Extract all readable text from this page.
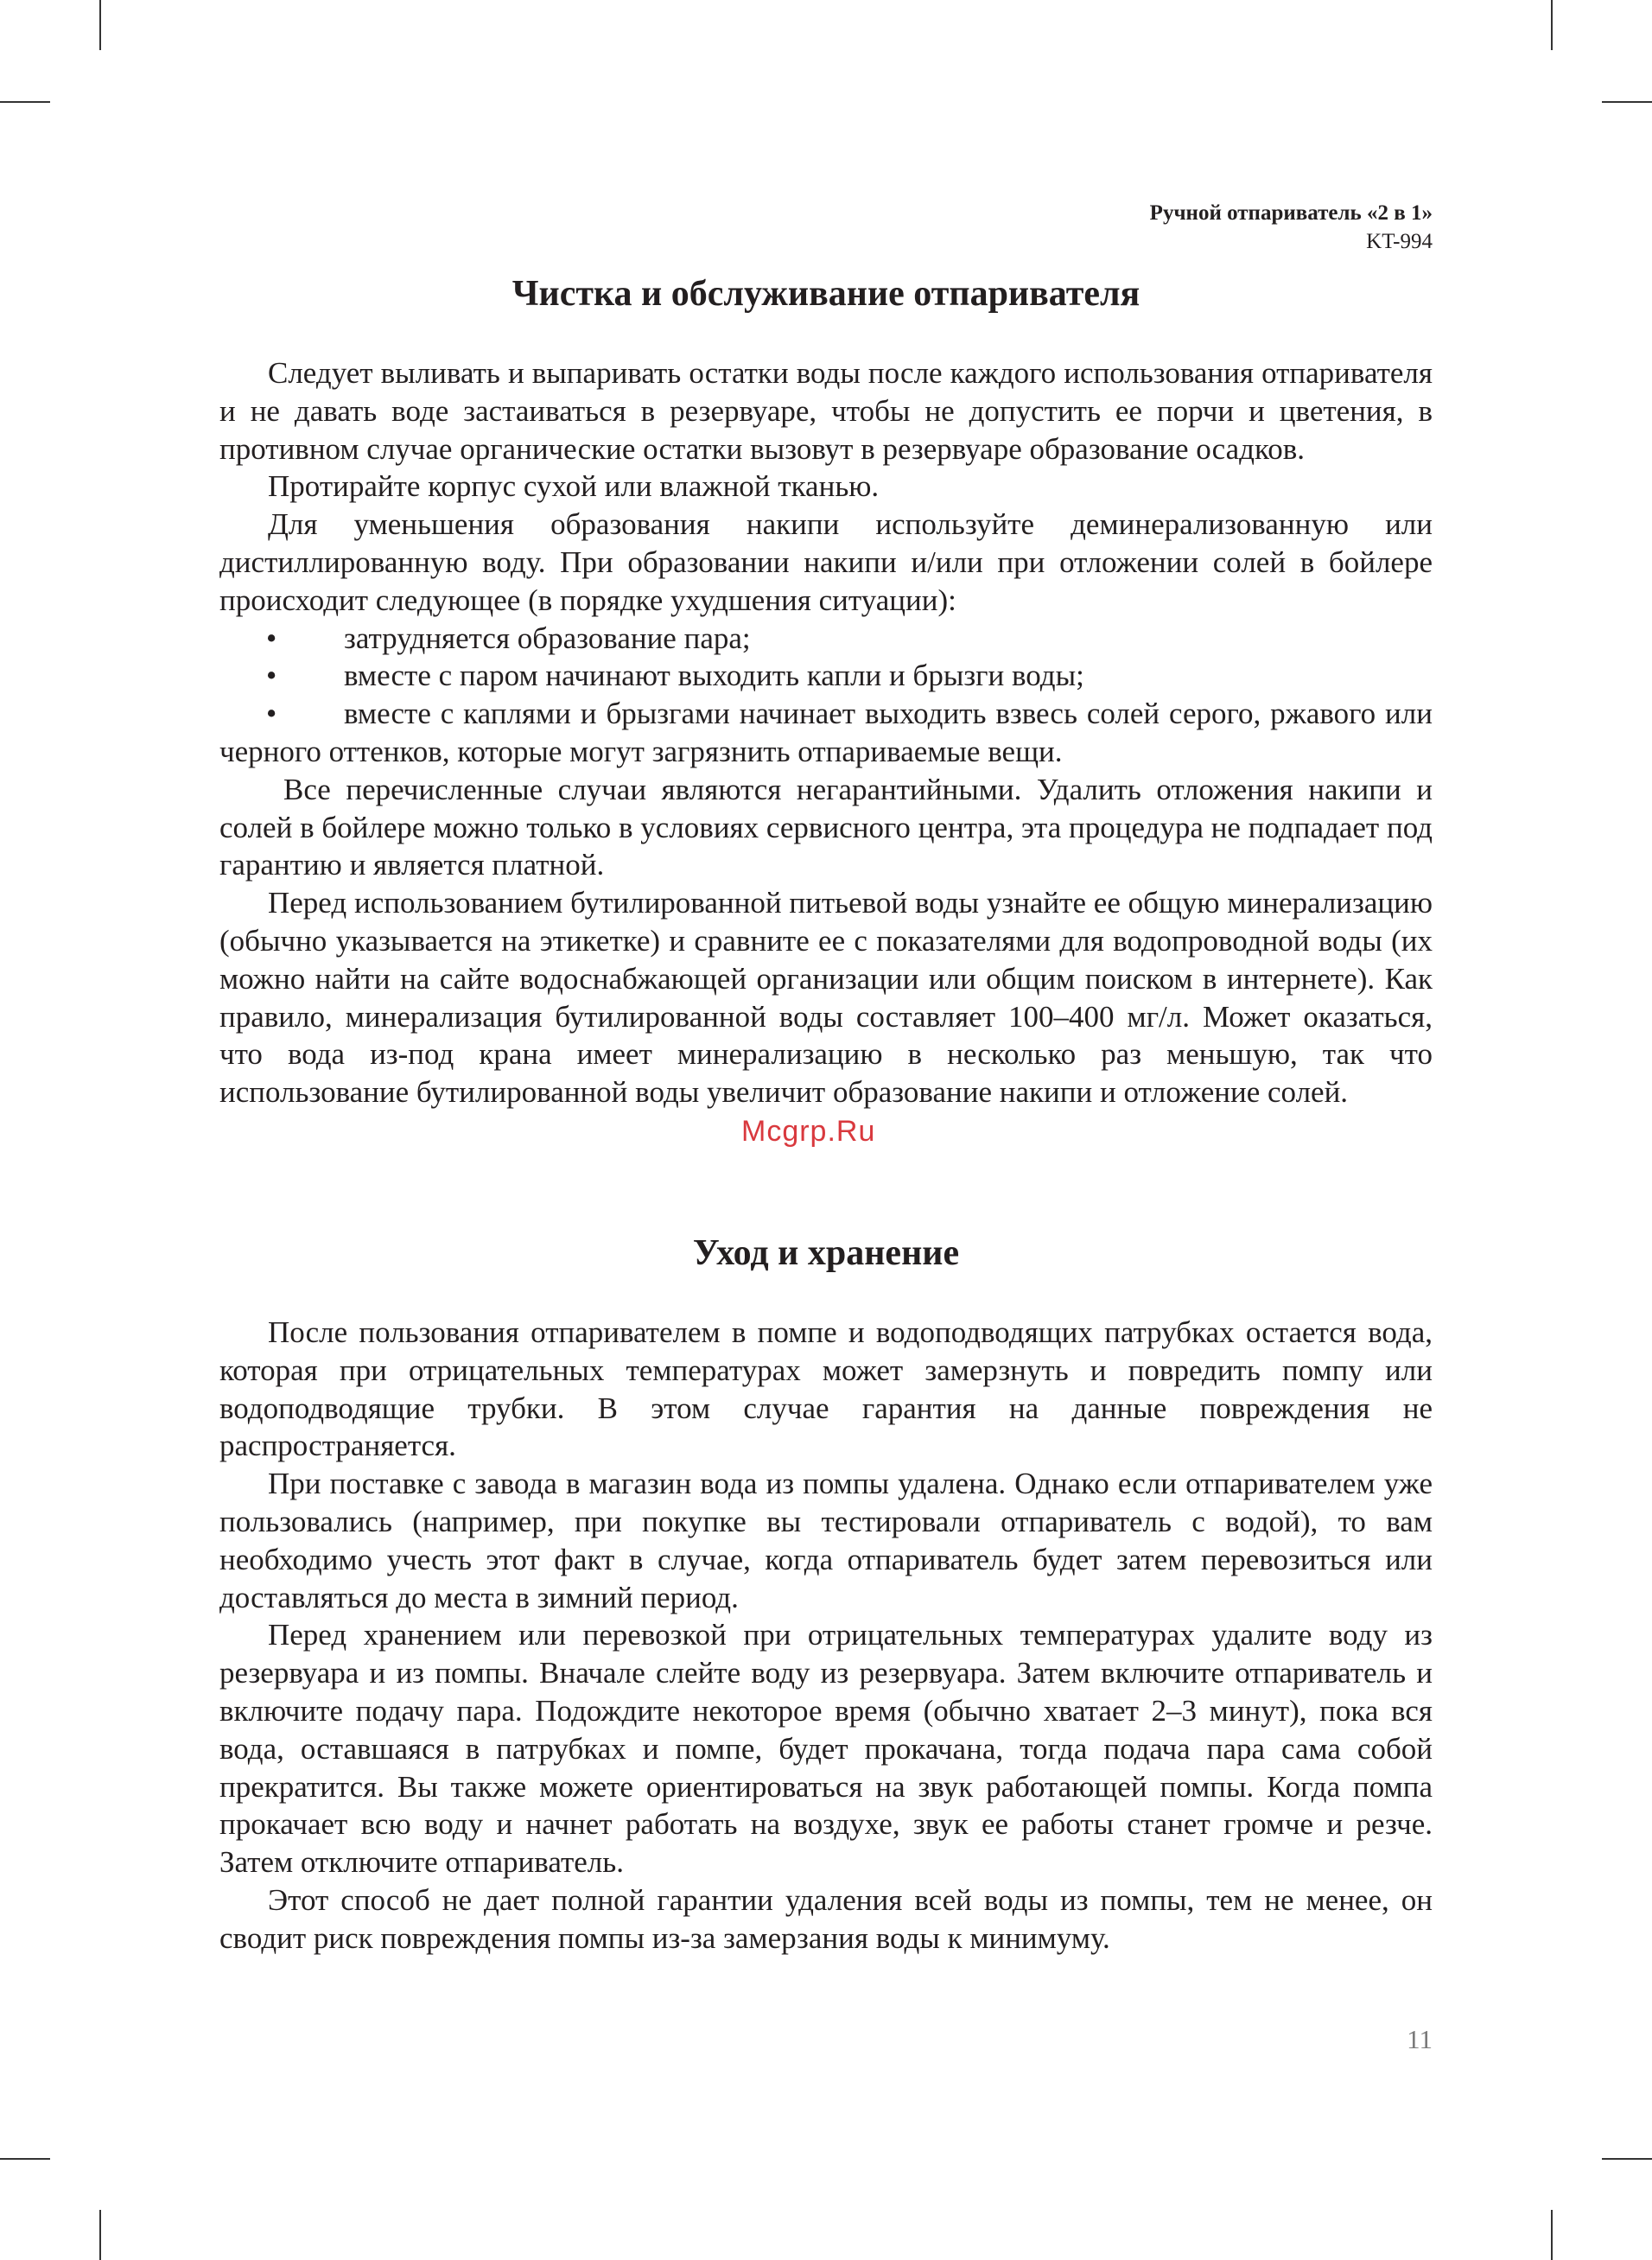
Ручной отпариватель «2 в 1»
KT-994
Чистка и обслуживание отпаривателя

Следует выливать и выпаривать остатки воды после каждого использования отпаривателя и не давать воде застаиваться в резервуаре, чтобы не допустить ее порчи и цветения, в противном случае органические остатки вызовут в резервуаре образование осадков.

Протирайте корпус сухой или влажной тканью.

Для уменьшения образования накипи используйте деминерализованную или дистиллированную воду. При образовании накипи и/или при отложении солей в бойлере происходит следующее (в порядке ухудшения ситуации):

• затрудняется образование пара;
• вместе с паром начинают выходить капли и брызги воды;
• вместе с каплями и брызгами начинает выходить взвесь солей серого, ржавого или черного оттенков, которые могут загрязнить отпариваемые вещи.

Все перечисленные случаи являются негарантийными. Удалить отложения накипи и солей в бойлере можно только в условиях сервисного центра, эта процедура не подпадает под гарантию и является платной.

Перед использованием бутилированной питьевой воды узнайте ее общую минерализацию (обычно указывается на этикетке) и сравните ее с показателями для водопроводной воды (их можно найти на сайте водоснабжающей организации или общим поиском в интернете). Как правило, минерализация бутилированной воды составляет 100–400 мг/л. Может оказаться, что вода из-под крана имеет минерализацию в несколько раз меньшую, так что использование бутилированной воды увеличит образование накипи и отложение солей.

Уход и хранение

После пользования отпаривателем в помпе и водоподводящих патрубках остается вода, которая при отрицательных температурах может замерзнуть и повредить помпу или водоподводящие трубки. В этом случае гарантия на данные повреждения не распространяется.

При поставке с завода в магазин вода из помпы удалена. Однако если отпаривателем уже пользовались (например, при покупке вы тестировали отпариватель с водой), то вам необходимо учесть этот факт в случае, когда отпариватель будет затем перевозиться или доставляться до места в зимний период.

Перед хранением или перевозкой при отрицательных температурах удалите воду из резервуара и из помпы. Вначале слейте воду из резервуара. Затем включите отпариватель и включите подачу пара. Подождите некоторое время (обычно хватает 2–3 минут), пока вся вода, оставшаяся в патрубках и помпе, будет прокачана, тогда подача пара сама собой прекратится. Вы также можете ориентироваться на звук работающей помпы. Когда помпа прокачает всю воду и начнет работать на воздухе, звук ее работы станет громче и резче. Затем отключите отпариватель.

Этот способ не дает полной гарантии удаления всей воды из помпы, тем не менее, он сводит риск повреждения помпы из-за замерзания воды к минимуму.

Mcgrp.Ru
11
